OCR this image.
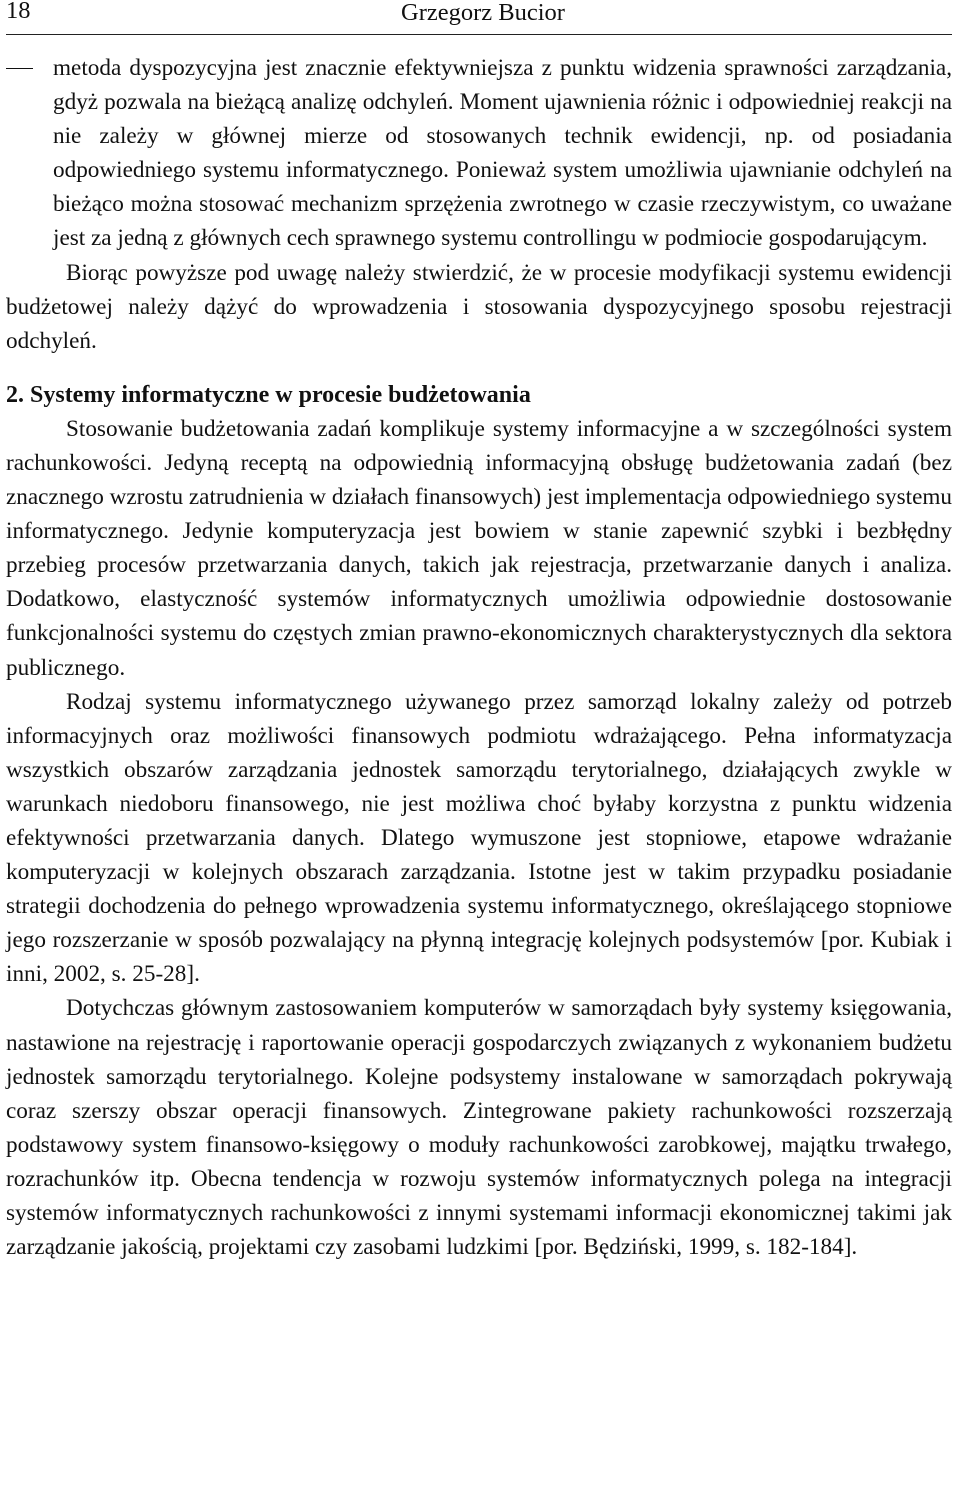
18	Grzegorz Bucior

metoda dyspozycyjna jest znacznie efektywniejsza z punktu widzenia sprawności zarządzania, gdyż pozwala na bieżącą analizę odchyleń. Moment ujawnienia różnic i odpowiedniej reakcji na nie zależy w głównej mierze od stosowanych technik ewidencji, np. od posiadania odpowiedniego systemu informatycznego. Ponieważ system umożliwia ujawnianie odchyleń na bieżąco można stosować mechanizm sprzężenia zwrotnego w czasie rzeczywistym, co uważane jest za jedną z głównych cech sprawnego systemu controllingu w podmiocie gospodarującym.

Biorąc powyższe pod uwagę należy stwierdzić, że w procesie modyfikacji systemu ewidencji budżetowej należy dążyć do wprowadzenia i stosowania dyspozycyjnego sposobu rejestracji odchyleń.

2. Systemy informatyczne w procesie budżetowania

Stosowanie budżetowania zadań komplikuje systemy informacyjne a w szczególności system rachunkowości. Jedyną receptą na odpowiednią informacyjną obsługę budżetowania zadań (bez znacznego wzrostu zatrudnienia w działach finansowych) jest implementacja odpowiedniego systemu informatycznego. Jedynie komputeryzacja jest bowiem w stanie zapewnić szybki i bezbłędny przebieg procesów przetwarzania danych, takich jak rejestracja, przetwarzanie danych i analiza. Dodatkowo, elastyczność systemów informatycznych umożliwia odpowiednie dostosowanie funkcjonalności systemu do częstych zmian prawno-ekonomicznych charakterystycznych dla sektora publicznego.

Rodzaj systemu informatycznego używanego przez samorząd lokalny zależy od potrzeb informacyjnych oraz możliwości finansowych podmiotu wdrażającego. Pełna informatyzacja wszystkich obszarów zarządzania jednostek samorządu terytorialnego, działających zwykle w warunkach niedoboru finansowego, nie jest możliwa choć byłaby korzystna z punktu widzenia efektywności przetwarzania danych. Dlatego wymuszone jest stopniowe, etapowe wdrażanie komputeryzacji w kolejnych obszarach zarządzania. Istotne jest w takim przypadku posiadanie strategii dochodzenia do pełnego wprowadzenia systemu informatycznego, określającego stopniowe jego rozszerzanie w sposób pozwalający na płynną integrację kolejnych podsystemów [por. Kubiak i inni, 2002, s. 25-28].

Dotychczas głównym zastosowaniem komputerów w samorządach były systemy księgowania, nastawione na rejestrację i raportowanie operacji gospodarczych związanych z wykonaniem budżetu jednostek samorządu terytorialnego. Kolejne podsystemy instalowane w samorządach pokrywają coraz szerszy obszar operacji finansowych. Zintegrowane pakiety rachunkowości rozszerzają podstawowy system finansowo-księgowy o moduły rachunkowości zarobkowej, majątku trwałego, rozrachunków itp. Obecna tendencja w rozwoju systemów informatycznych polega na integracji systemów informatycznych rachunkowości z innymi systemami informacji ekonomicznej takimi jak zarządzanie jakością, projektami czy zasobami ludzkimi [por. Będziński, 1999, s. 182-184].
